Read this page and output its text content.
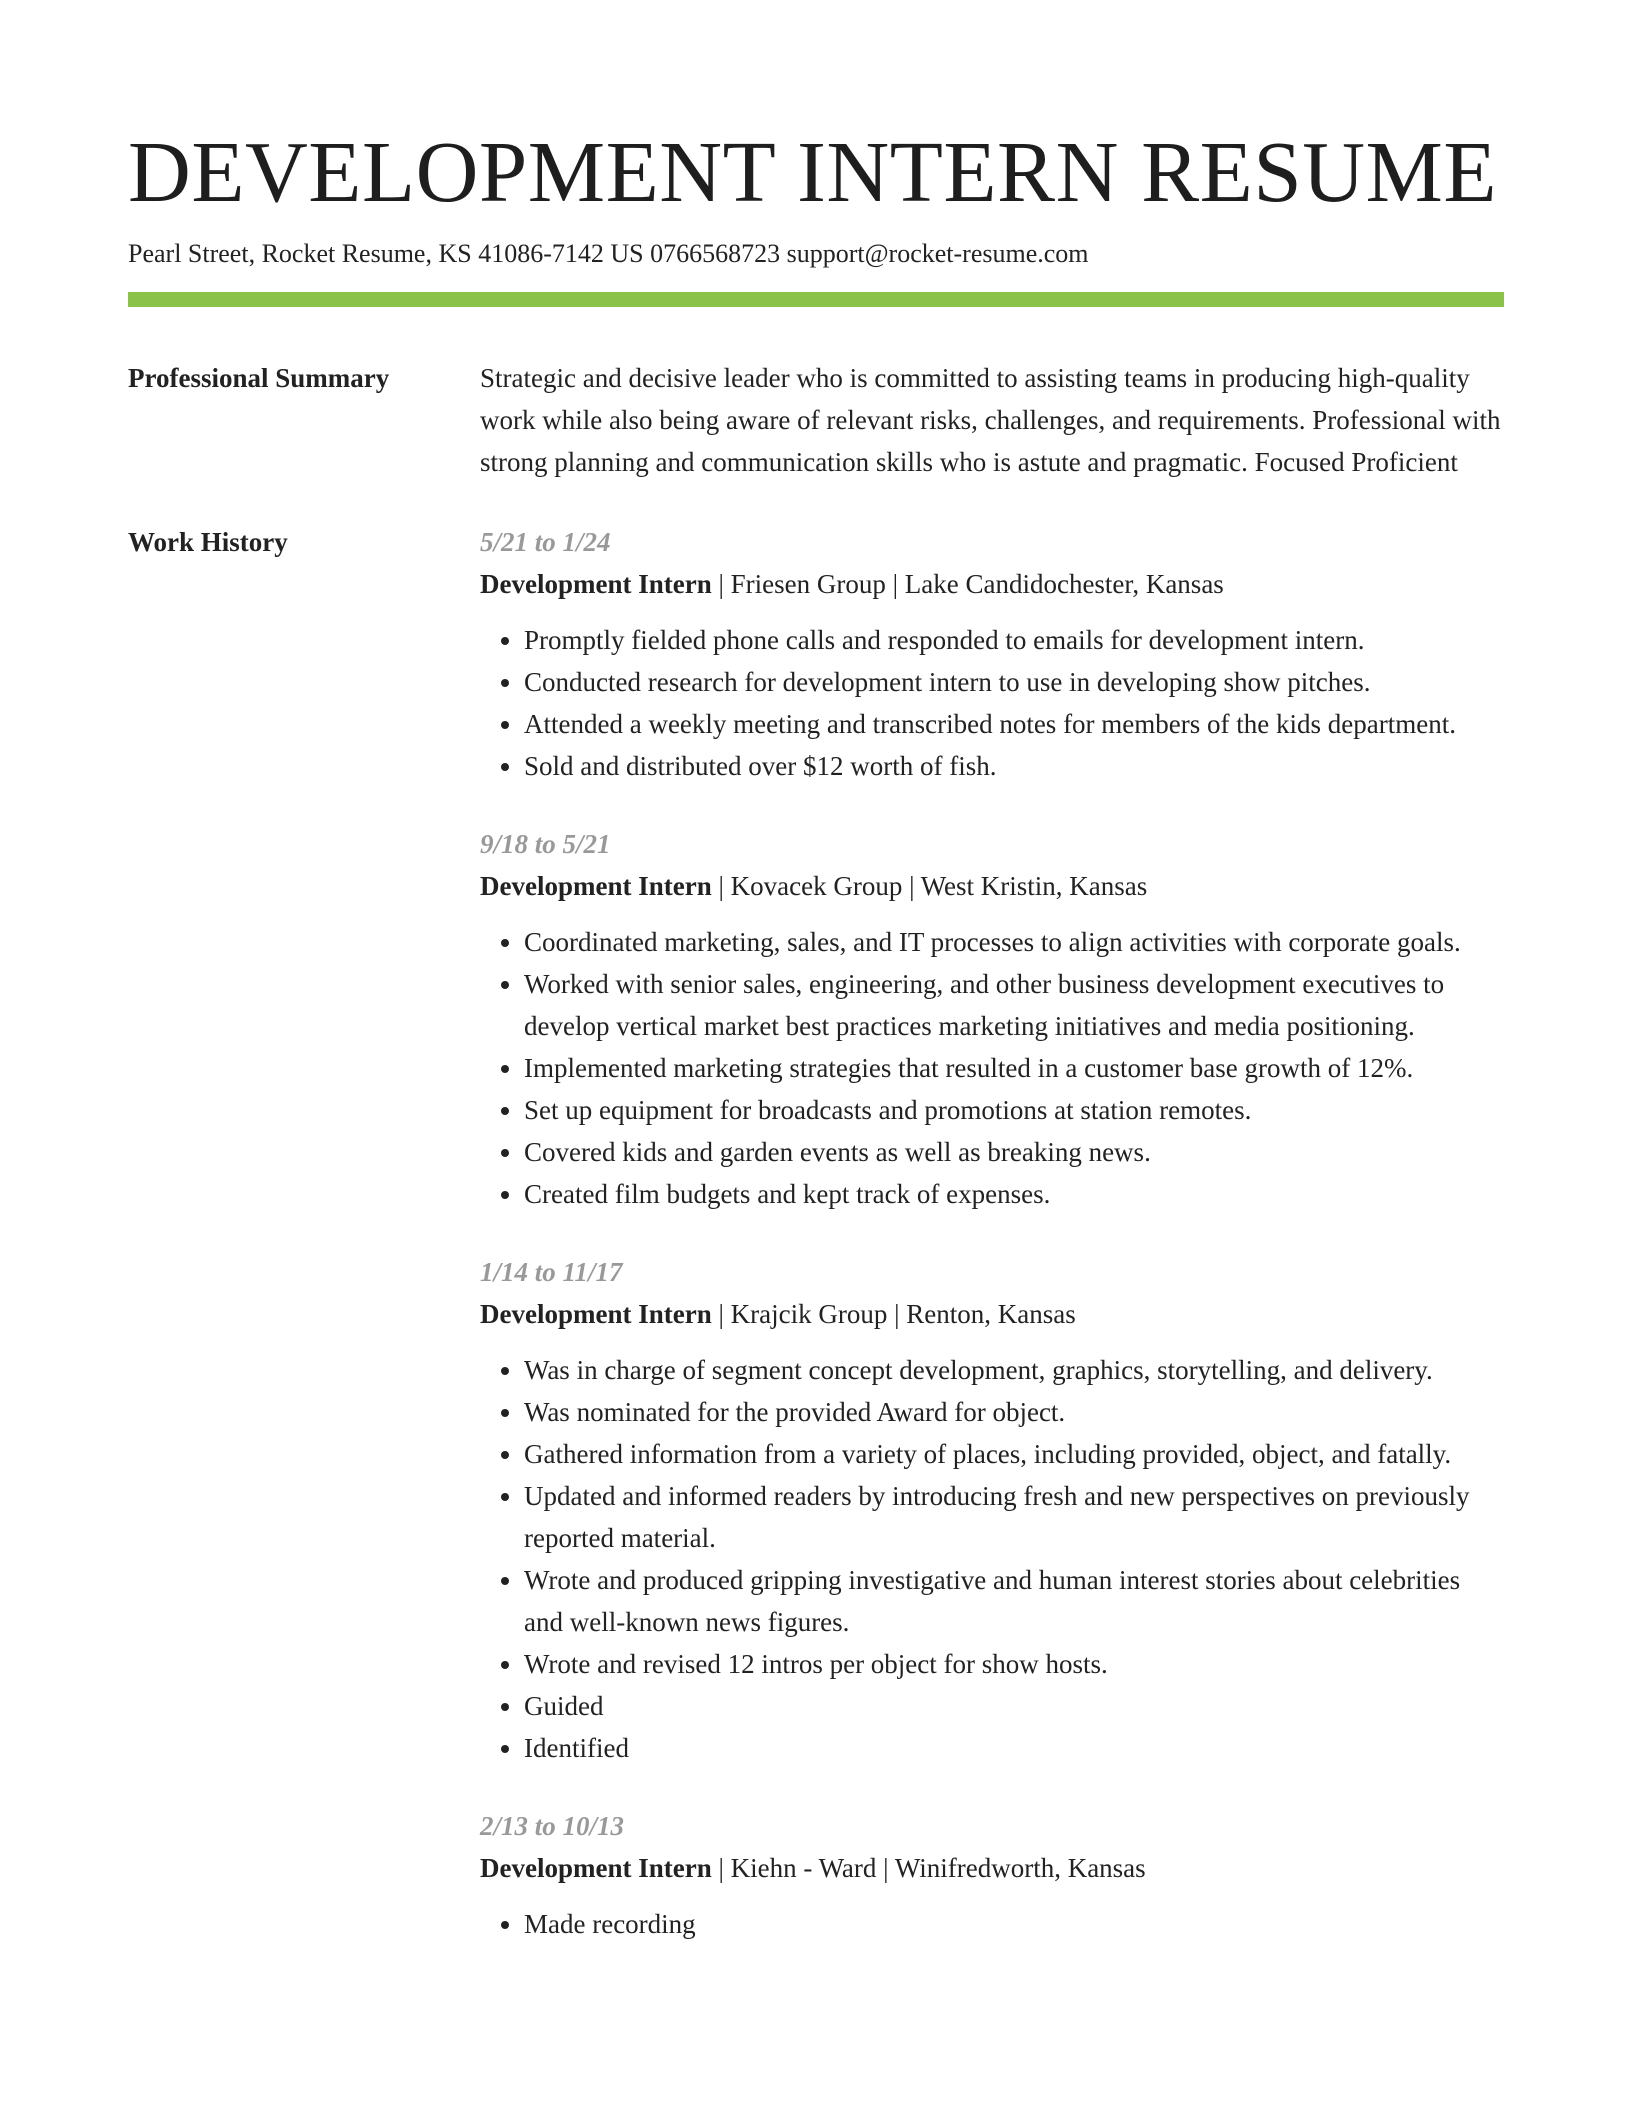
DEVELOPMENT INTERN RESUME
Pearl Street, Rocket Resume, KS 41086-7142 US 0766568723 support@rocket-resume.com
Professional Summary	Strategic and decisive leader who is committed to assisting teams in producing high-quality work while also being aware of relevant risks, challenges, and requirements. Professional with strong planning and communication skills who is astute and pragmatic. Focused Proficient

Work History	5/21 to 1/24
Development Intern | Friesen Group | Lake Candidochester, Kansas
• Promptly fielded phone calls and responded to emails for development intern.
• Conducted research for development intern to use in developing show pitches.
• Attended a weekly meeting and transcribed notes for members of the kids department.
• Sold and distributed over $12 worth of fish.
9/18 to 5/21
Development Intern | Kovacek Group | West Kristin, Kansas
• Coordinated marketing, sales, and IT processes to align activities with corporate goals.
• Worked with senior sales, engineering, and other business development executives to develop vertical market best practices marketing initiatives and media positioning.
• Implemented marketing strategies that resulted in a customer base growth of 12%.
• Set up equipment for broadcasts and promotions at station remotes.
• Covered kids and garden events as well as breaking news.
• Created film budgets and kept track of expenses.
1/14 to 11/17
Development Intern | Krajcik Group | Renton, Kansas
• Was in charge of segment concept development, graphics, storytelling, and delivery.
• Was nominated for the provided Award for object.
• Gathered information from a variety of places, including provided, object, and fatally.
• Updated and informed readers by introducing fresh and new perspectives on previously reported material.
• Wrote and produced gripping investigative and human interest stories about celebrities and well-known news figures.
• Wrote and revised 12 intros per object for show hosts.
• Guided
• Identified
2/13 to 10/13
Development Intern | Kiehn - Ward | Winifredworth, Kansas
• Made recording
